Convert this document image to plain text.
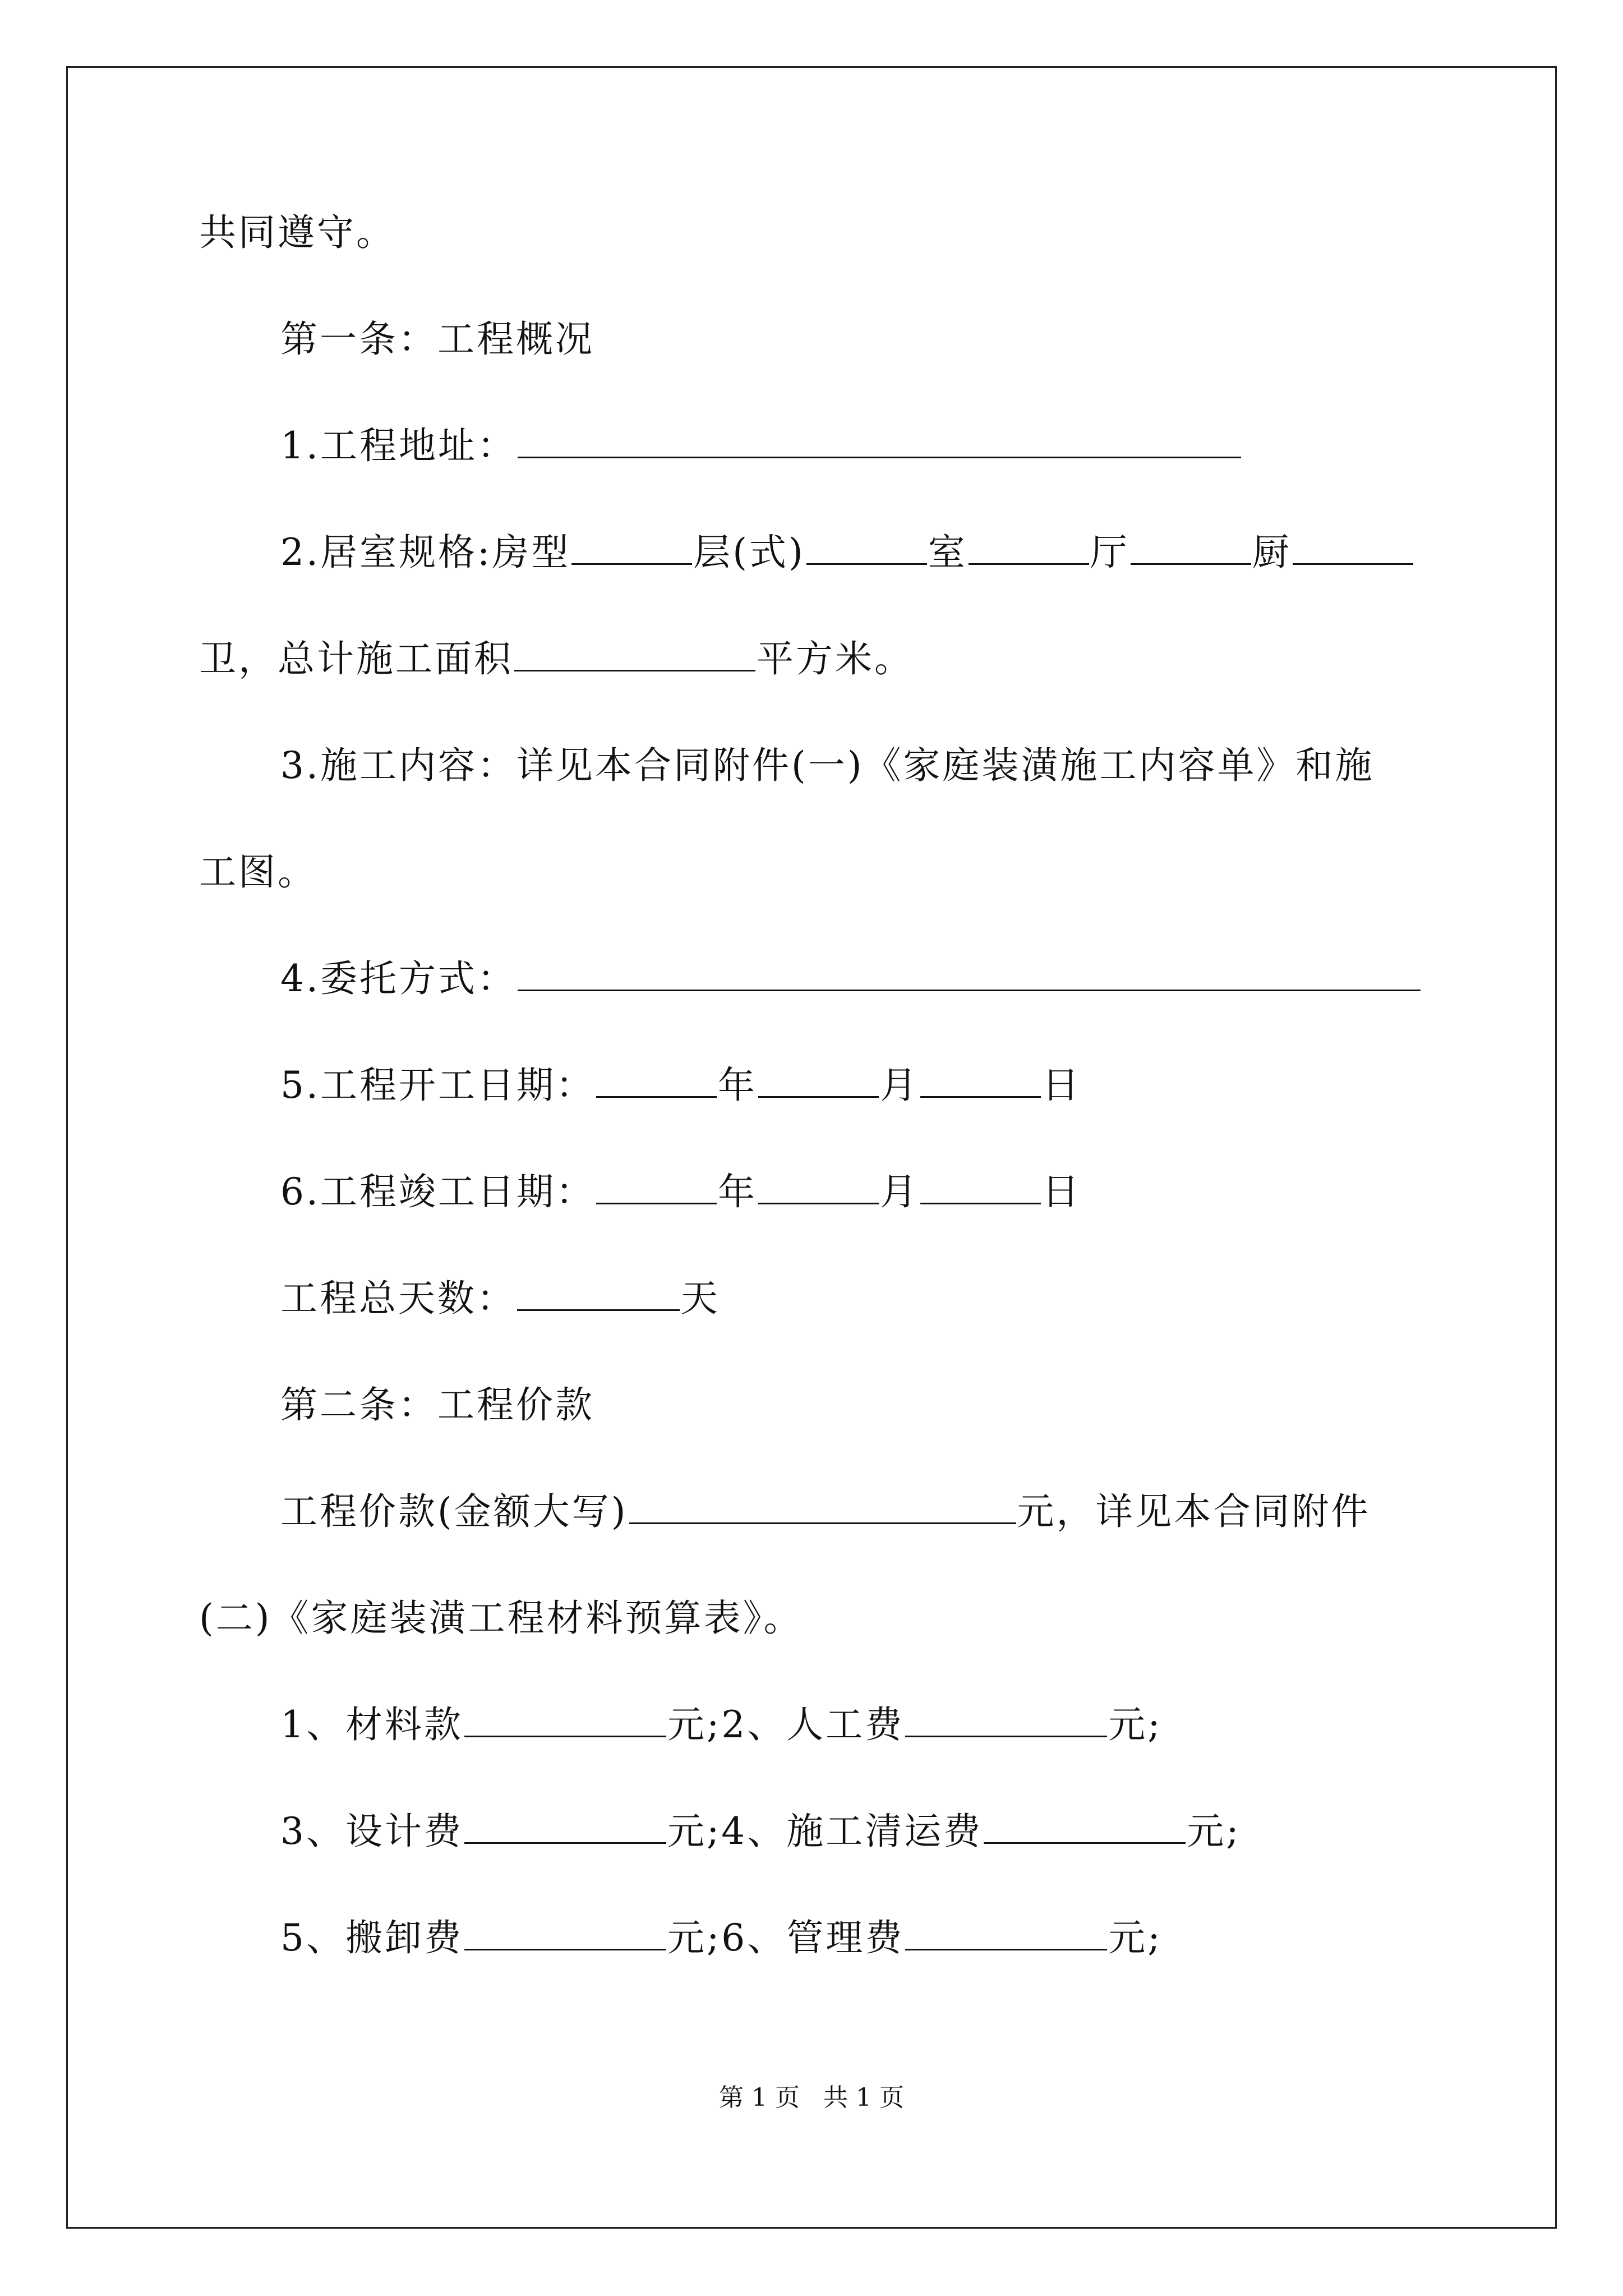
共同遵守。
第一条：工程概况
1.工程地址：
2.居室规格:房型	层(式)	室	厅	厨
卫，总计施工面积	平方米。
3.施工内容：详见本合同附件(一)《家庭装潢施工内容单》和施
工图。
4.委托方式：
5.工程开工日期：	年	月	日
6.工程竣工日期：	年	月	日
工程总天数：	天
第二条：工程价款
工程价款(金额大写)	元，详见本合同附件
(二)《家庭装潢工程材料预算表》。
1、材料款	元;2、人工费	元;
3、设计费	元;4、施工清运费	元;
5、搬卸费	元;6、管理费	元;
第 1 页 共 1 页
